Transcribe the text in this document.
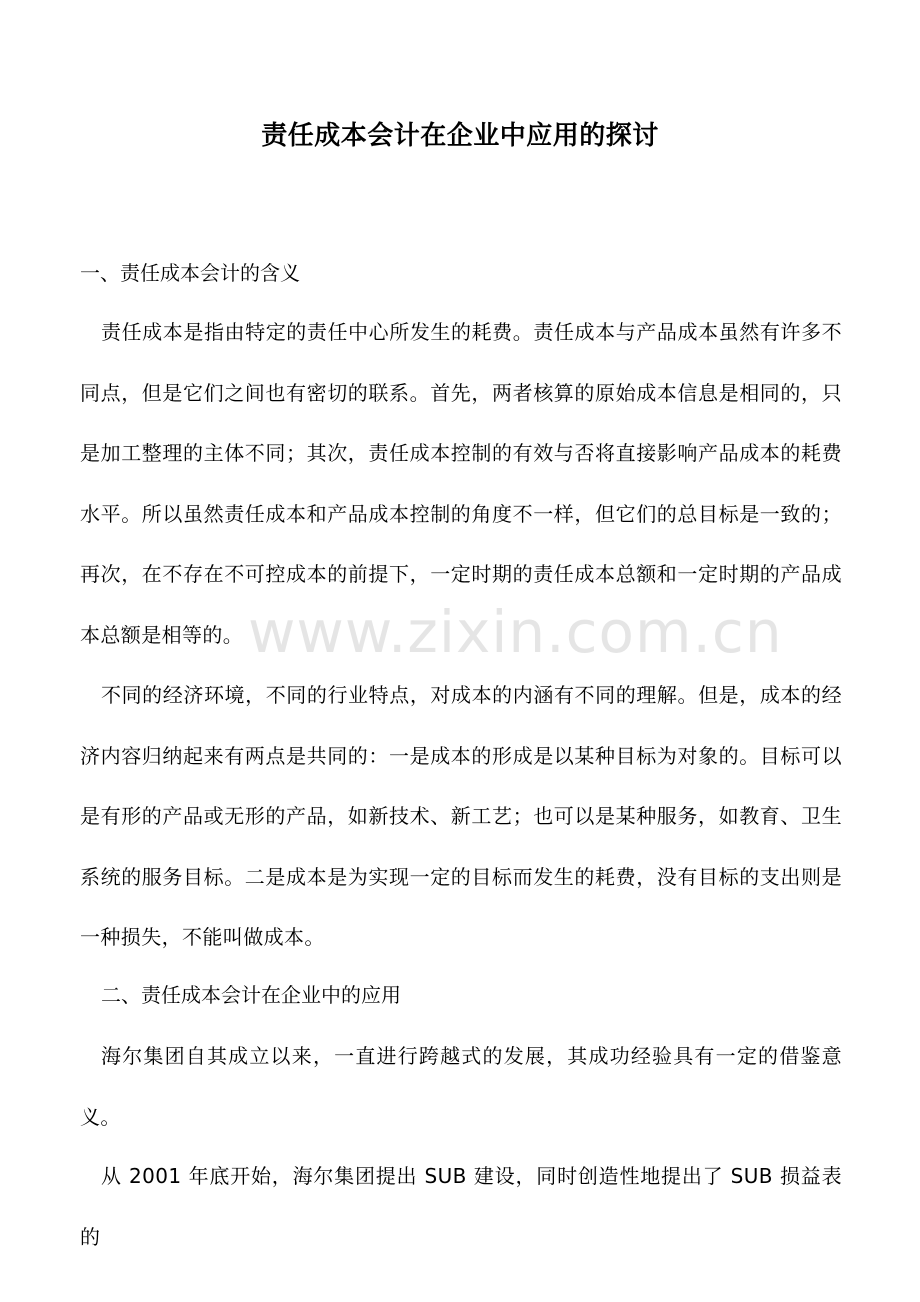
责任成本会计在企业中应用的探讨
一、责任成本会计的含义
责任成本是指由特定的责任中心所发生的耗费。责任成本与产品成本虽然有许多不同点，但是它们之间也有密切的联系。首先，两者核算的原始成本信息是相同的，只是加工整理的主体不同；其次，责任成本控制的有效与否将直接影响产品成本的耗费水平。所以虽然责任成本和产品成本控制的角度不一样，但它们的总目标是一致的；再次，在不存在不可控成本的前提下，一定时期的责任成本总额和一定时期的产品成本总额是相等的。
不同的经济环境，不同的行业特点，对成本的内涵有不同的理解。但是，成本的经济内容归纳起来有两点是共同的：一是成本的形成是以某种目标为对象的。目标可以是有形的产品或无形的产品，如新技术、新工艺；也可以是某种服务，如教育、卫生系统的服务目标。二是成本是为实现一定的目标而发生的耗费，没有目标的支出则是一种损失，不能叫做成本。
二、责任成本会计在企业中的应用
海尔集团自其成立以来，一直进行跨越式的发展，其成功经验具有一定的借鉴意义。
从 2001 年底开始，海尔集团提出 SUB 建设，同时创造性地提出了 SUB 损益表的
www.zixin.com.cn
